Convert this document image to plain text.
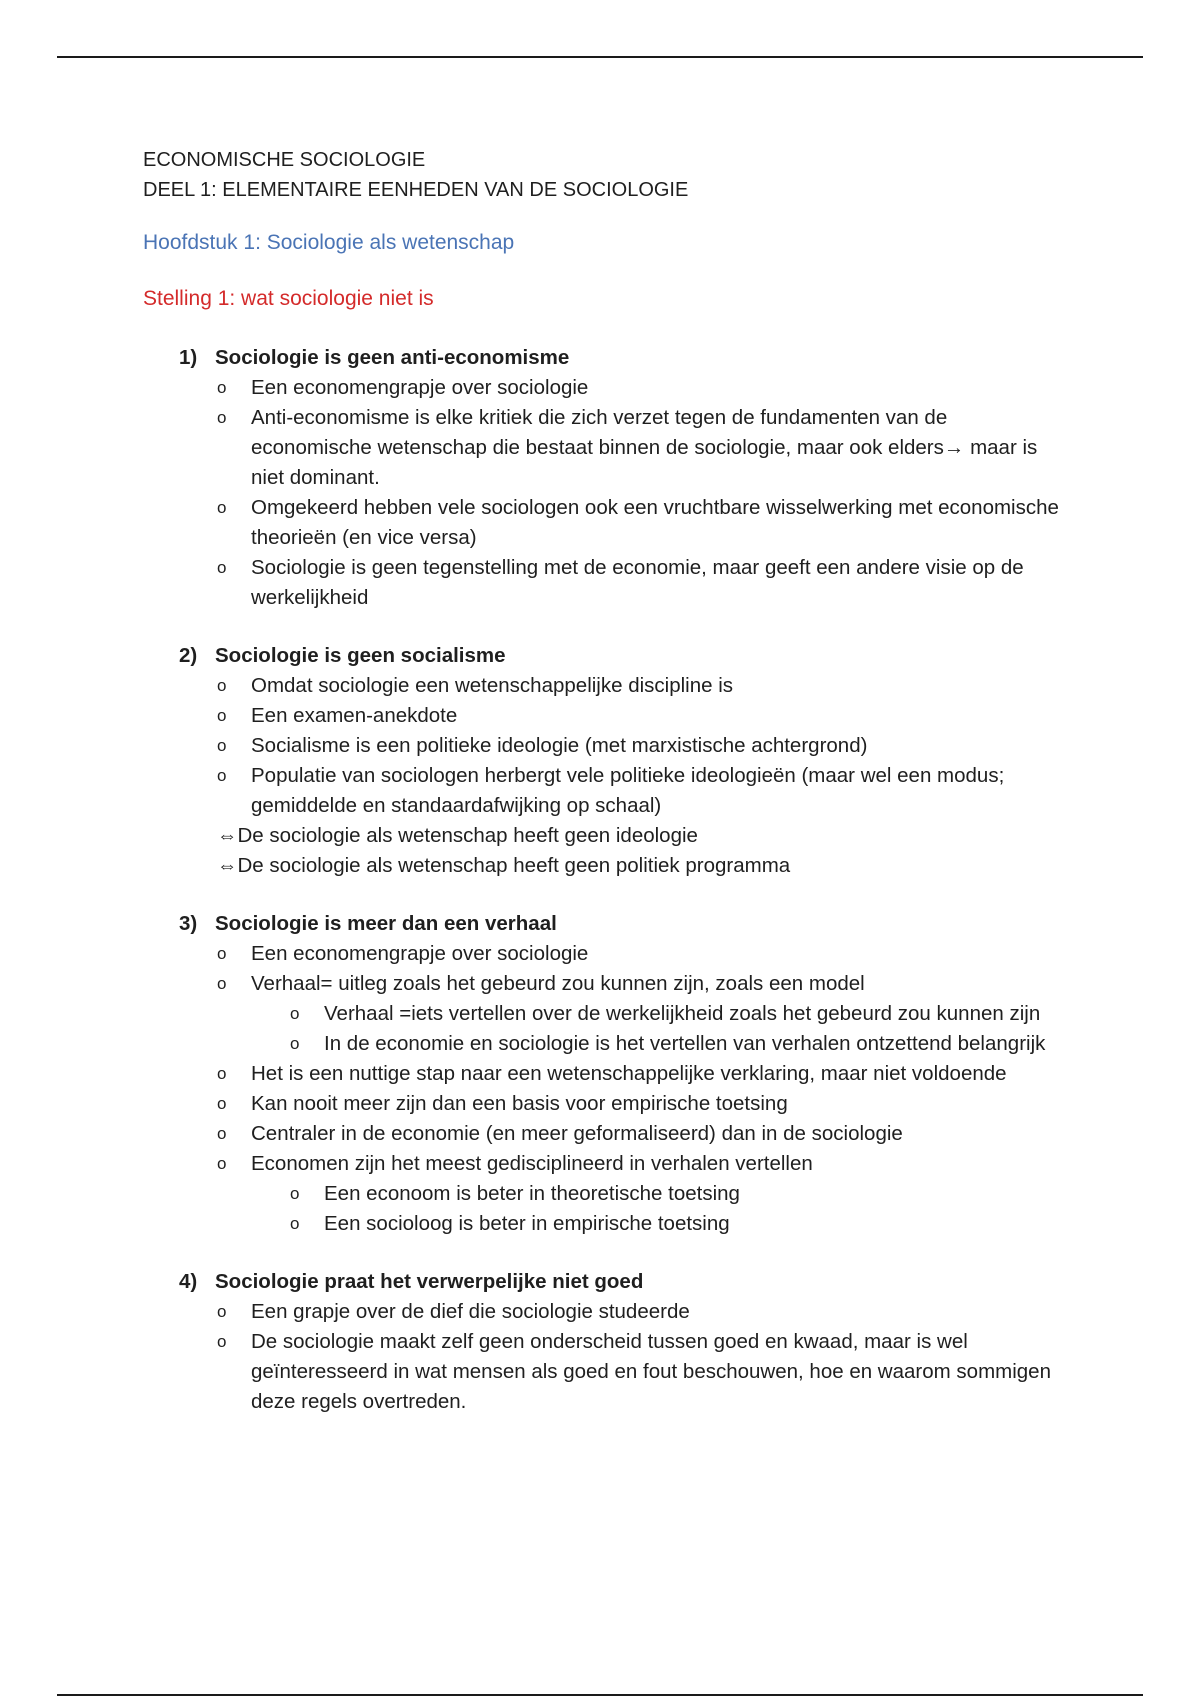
ECONOMISCHE SOCIOLOGIE
DEEL 1: ELEMENTAIRE EENHEDEN VAN DE SOCIOLOGIE
Hoofdstuk 1: Sociologie als wetenschap
Stelling 1: wat sociologie niet is
1) Sociologie is geen anti-economisme
o Een economengrapje over sociologie
o Anti-economisme is elke kritiek die zich verzet tegen de fundamenten van de economische wetenschap die bestaat binnen de sociologie, maar ook elders→ maar is niet dominant.
o Omgekeerd hebben vele sociologen ook een vruchtbare wisselwerking met economische theorieën (en vice versa)
o Sociologie is geen tegenstelling met de economie, maar geeft een andere visie op de werkelijkheid
2) Sociologie is geen socialisme
o Omdat sociologie een wetenschappelijke discipline is
o Een examen-anekdote
o Socialisme is een politieke ideologie (met marxistische achtergrond)
o Populatie van sociologen herbergt vele politieke ideologieën (maar wel een modus; gemiddelde en standaardafwijking op schaal)
⇔De sociologie als wetenschap heeft geen ideologie
⇔De sociologie als wetenschap heeft geen politiek programma
3) Sociologie is meer dan een verhaal
o Een economengrapje over sociologie
o Verhaal= uitleg zoals het gebeurd zou kunnen zijn, zoals een model
o Verhaal =iets vertellen over de werkelijkheid zoals het gebeurd zou kunnen zijn
o In de economie en sociologie is het vertellen van verhalen ontzettend belangrijk
o Het is een nuttige stap naar een wetenschappelijke verklaring, maar niet voldoende
o Kan nooit meer zijn dan een basis voor empirische toetsing
o Centraler in de economie (en meer geformaliseerd) dan in de sociologie
o Economen zijn het meest gedisciplineerd in verhalen vertellen
o Een econoom is beter in theoretische toetsing
o Een socioloog is beter in empirische toetsing
4) Sociologie praat het verwerpelijke niet goed
o Een grapje over de dief die sociologie studeerde
o De sociologie maakt zelf geen onderscheid tussen goed en kwaad, maar is wel geïnteresseerd in wat mensen als goed en fout beschouwen, hoe en waarom sommigen deze regels overtreden.
